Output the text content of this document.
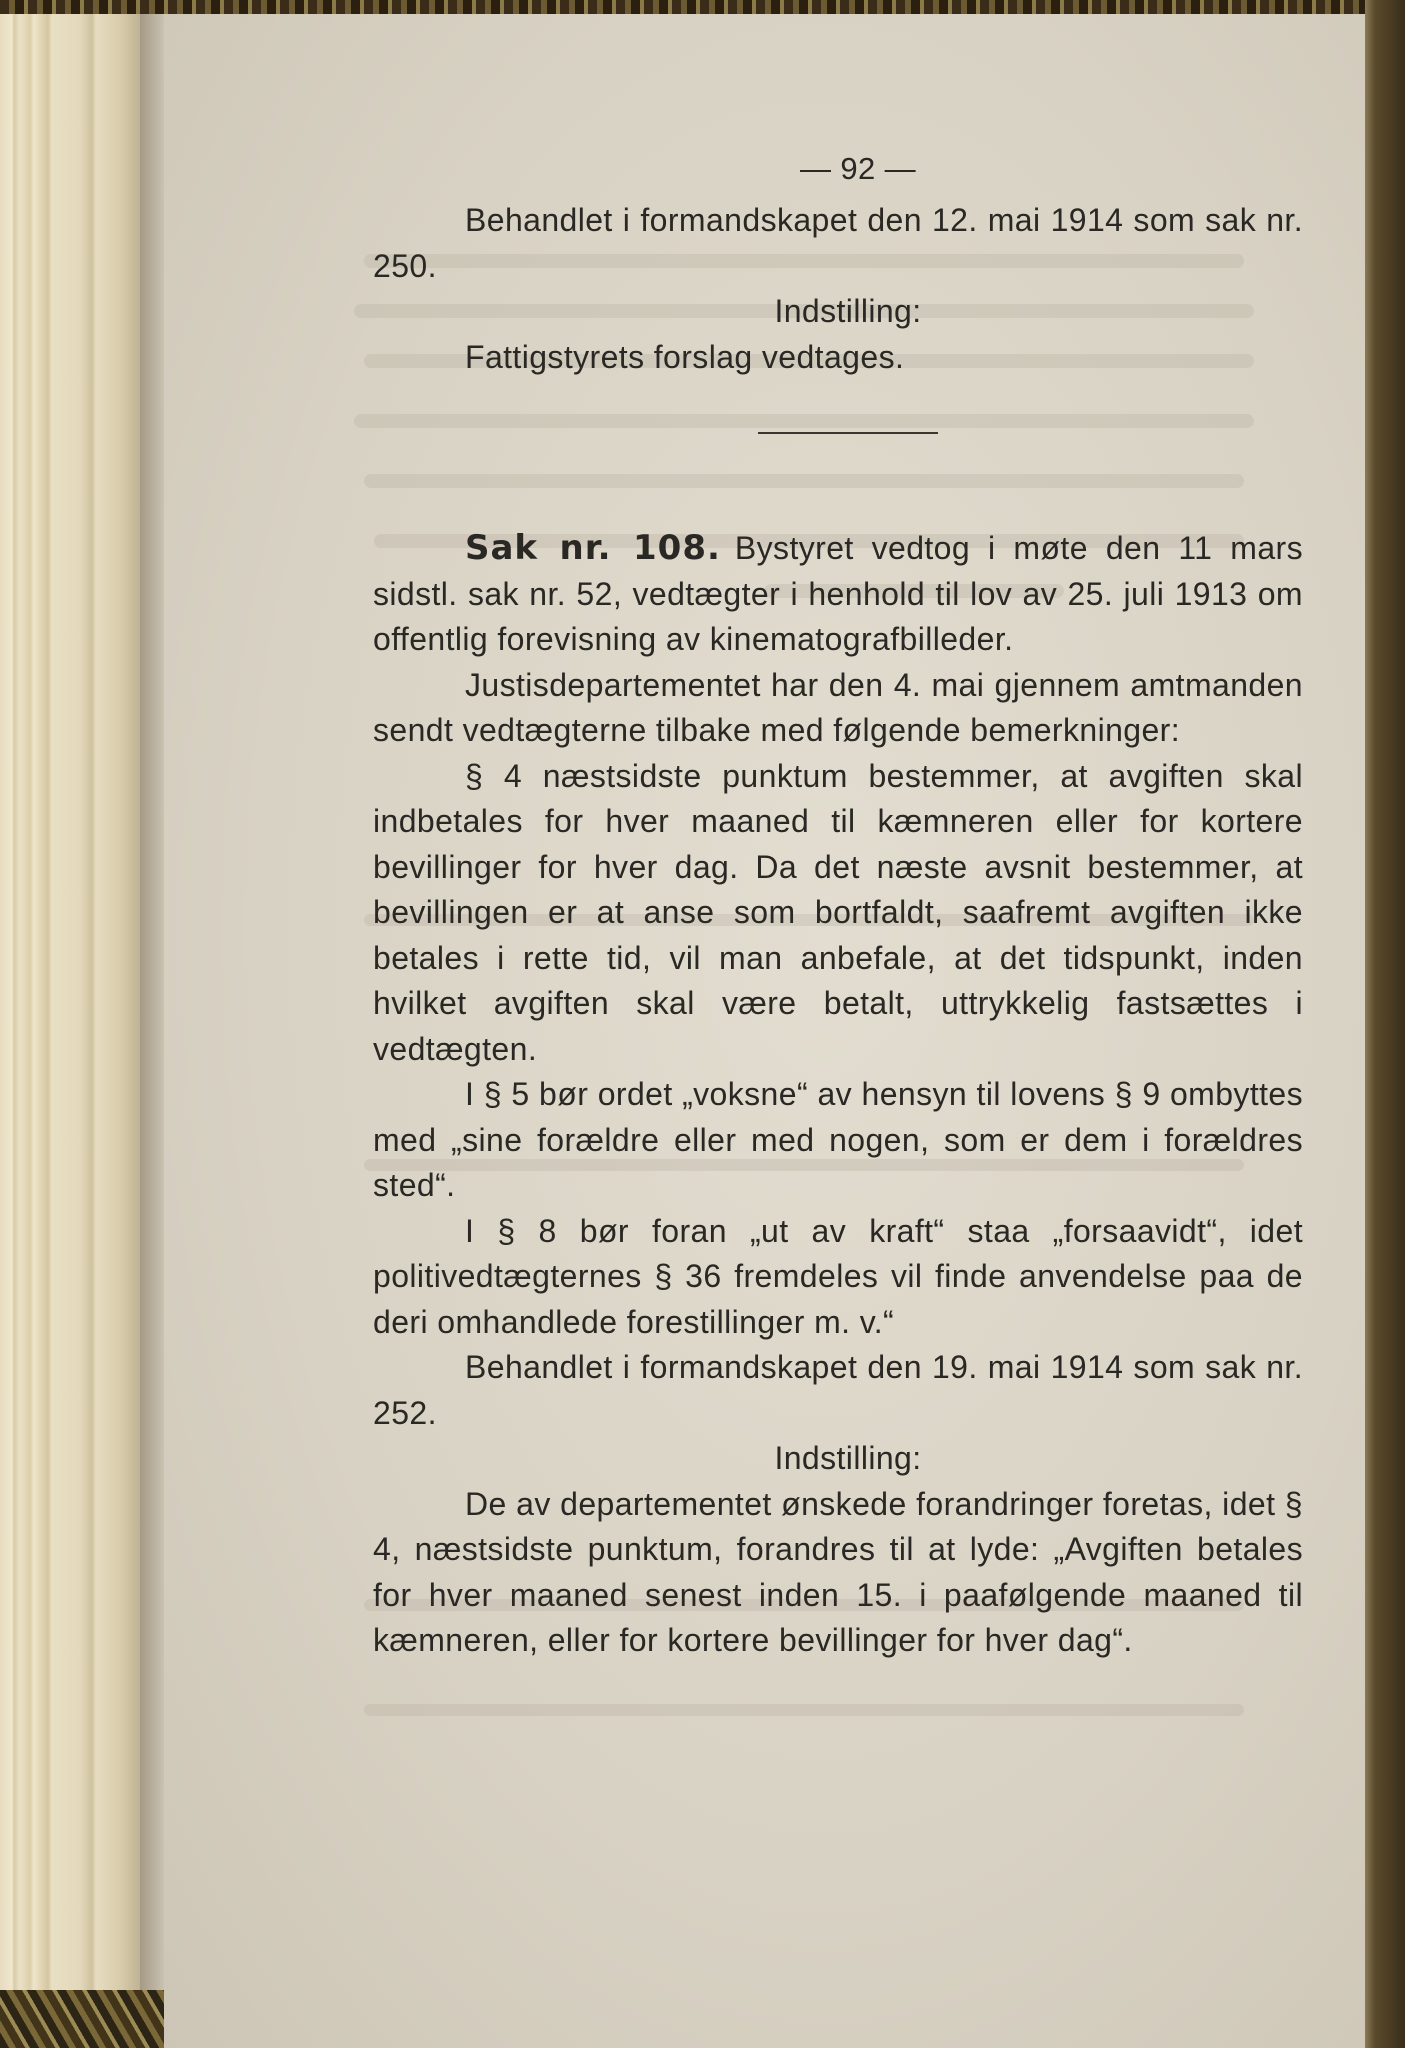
— 92 —

Behandlet i formandskapet den 12. mai 1914 som sak nr. 250.

Indstilling:

Fattigstyrets forslag vedtages.

Sak nr. 108. Bystyret vedtog i møte den 11 mars sidstl. sak nr. 52, vedtægter i henhold til lov av 25. juli 1913 om offentlig forevisning av kinematografbilleder.

Justisdepartementet har den 4. mai gjennem amtmanden sendt vedtægterne tilbake med følgende bemerkninger:

§ 4 næstsidste punktum bestemmer, at avgiften skal indbetales for hver maaned til kæmneren eller for kortere bevillinger for hver dag. Da det næste avsnit bestemmer, at bevillingen er at anse som bortfaldt, saafremt avgiften ikke betales i rette tid, vil man anbefale, at det tidspunkt, inden hvilket avgiften skal være betalt, uttrykkelig fastsættes i vedtægten.

I § 5 bør ordet „voksne“ av hensyn til lovens § 9 ombyttes med „sine forældre eller med nogen, som er dem i forældres sted“.

I § 8 bør foran „ut av kraft“ staa „forsaavidt“, idet politivedtægternes § 36 fremdeles vil finde anvendelse paa de deri omhandlede forestillinger m. v.“

Behandlet i formandskapet den 19. mai 1914 som sak nr. 252.

Indstilling:

De av departementet ønskede forandringer foretas, idet § 4, næstsidste punktum, forandres til at lyde: „Avgiften betales for hver maaned senest inden 15. i paafølgende maaned til kæmneren, eller for kortere bevillinger for hver dag“.
